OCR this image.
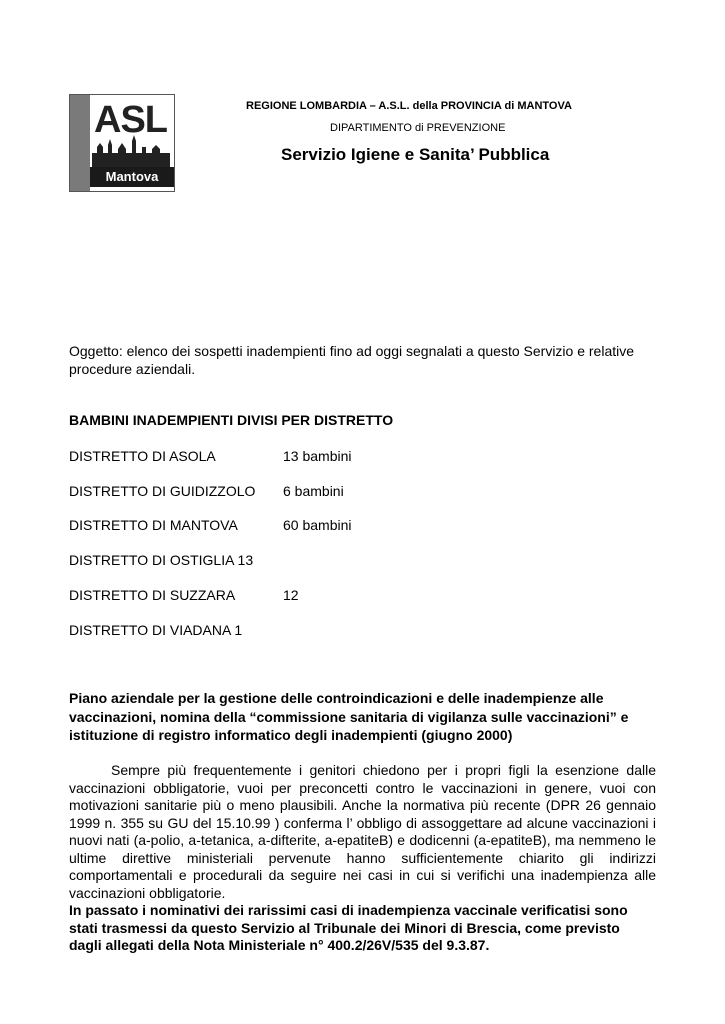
ASL
Mantova
REGIONE LOMBARDIA – A.S.L. della PROVINCIA di MANTOVA
DIPARTIMENTO di PREVENZIONE
Servizio Igiene e Sanita’ Pubblica
Oggetto: elenco dei sospetti inadempienti fino ad oggi segnalati a questo Servizio e relative procedure aziendali.
BAMBINI INADEMPIENTI DIVISI PER DISTRETTO
DISTRETTO DI ASOLA	13 bambini
DISTRETTO DI GUIDIZZOLO 6 bambini
DISTRETTO DI MANTOVA	60 bambini
DISTRETTO DI OSTIGLIA 13
DISTRETTO DI SUZZARA	12
DISTRETTO DI VIADANA 1
Piano aziendale per la gestione delle controindicazioni e delle inadempienze alle vaccinazioni, nomina della “commissione sanitaria di vigilanza sulle vaccinazioni” e istituzione di registro informatico degli inadempienti (giugno 2000)
Sempre più frequentemente i genitori chiedono per i propri figli la esenzione dalle vaccinazioni obbligatorie, vuoi per preconcetti contro le vaccinazioni in genere, vuoi con motivazioni sanitarie più o meno plausibili. Anche la normativa più recente (DPR 26 gennaio 1999 n. 355 su GU del 15.10.99 ) conferma l’ obbligo di assoggettare ad alcune vaccinazioni i nuovi nati (a-polio, a-tetanica, a-difterite, a-epatiteB) e dodicenni (a-epatiteB), ma nemmeno le ultime direttive ministeriali pervenute hanno sufficientemente chiarito gli indirizzi comportamentali e procedurali da seguire nei casi in cui si verifichi una inadempienza alle vaccinazioni obbligatorie.
In passato i nominativi dei rarissimi casi di inadempienza vaccinale verificatisi sono stati trasmessi da questo Servizio al Tribunale dei Minori di Brescia, come previsto dagli allegati della Nota Ministeriale n° 400.2/26V/535 del 9.3.87.
